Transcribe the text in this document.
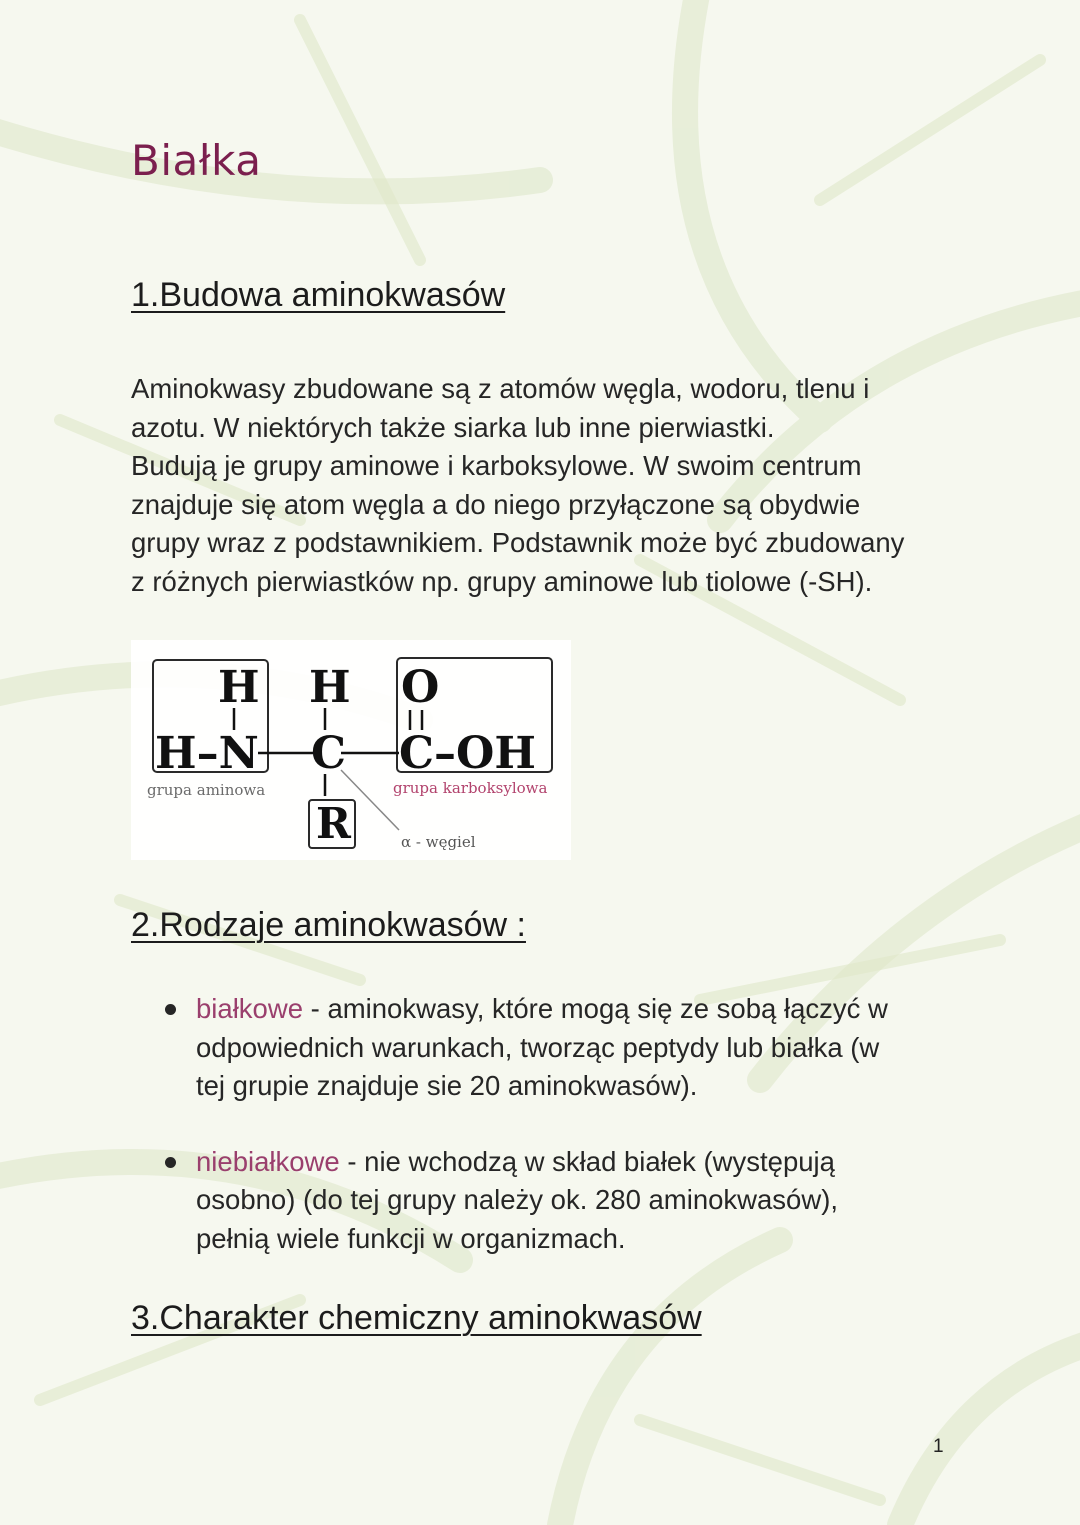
Białka
1.Budowa aminokwasów

Aminokwasy zbudowane są z atomów węgla, wodoru, tlenu i
azotu. W niektórych także siarka lub inne pierwiastki.
Budują je grupy aminowe i karboksylowe. W swoim centrum
znajduje się atom węgla a do niego przyłączone są obydwie
grupy wraz z podstawnikiem. Podstawnik może być zbudowany
z różnych pierwiastków np. grupy aminowe lub tiolowe (-SH).

H
H–N
H
C
O
C–OH
R
grupa aminowa	grupa karboksylowa
α - węgiel
2.Rodzaje aminokwasów :
białkowe - aminokwasy, które mogą się ze sobą łączyć w
odpowiednich warunkach, tworząc peptydy lub białka (w
tej grupie znajduje sie 20 aminokwasów).
niebiałkowe - nie wchodzą w skład białek (występują
osobno) (do tej grupy należy ok. 280 aminokwasów),
pełnią wiele funkcji w organizmach.
3.Charakter chemiczny aminokwasów
1
